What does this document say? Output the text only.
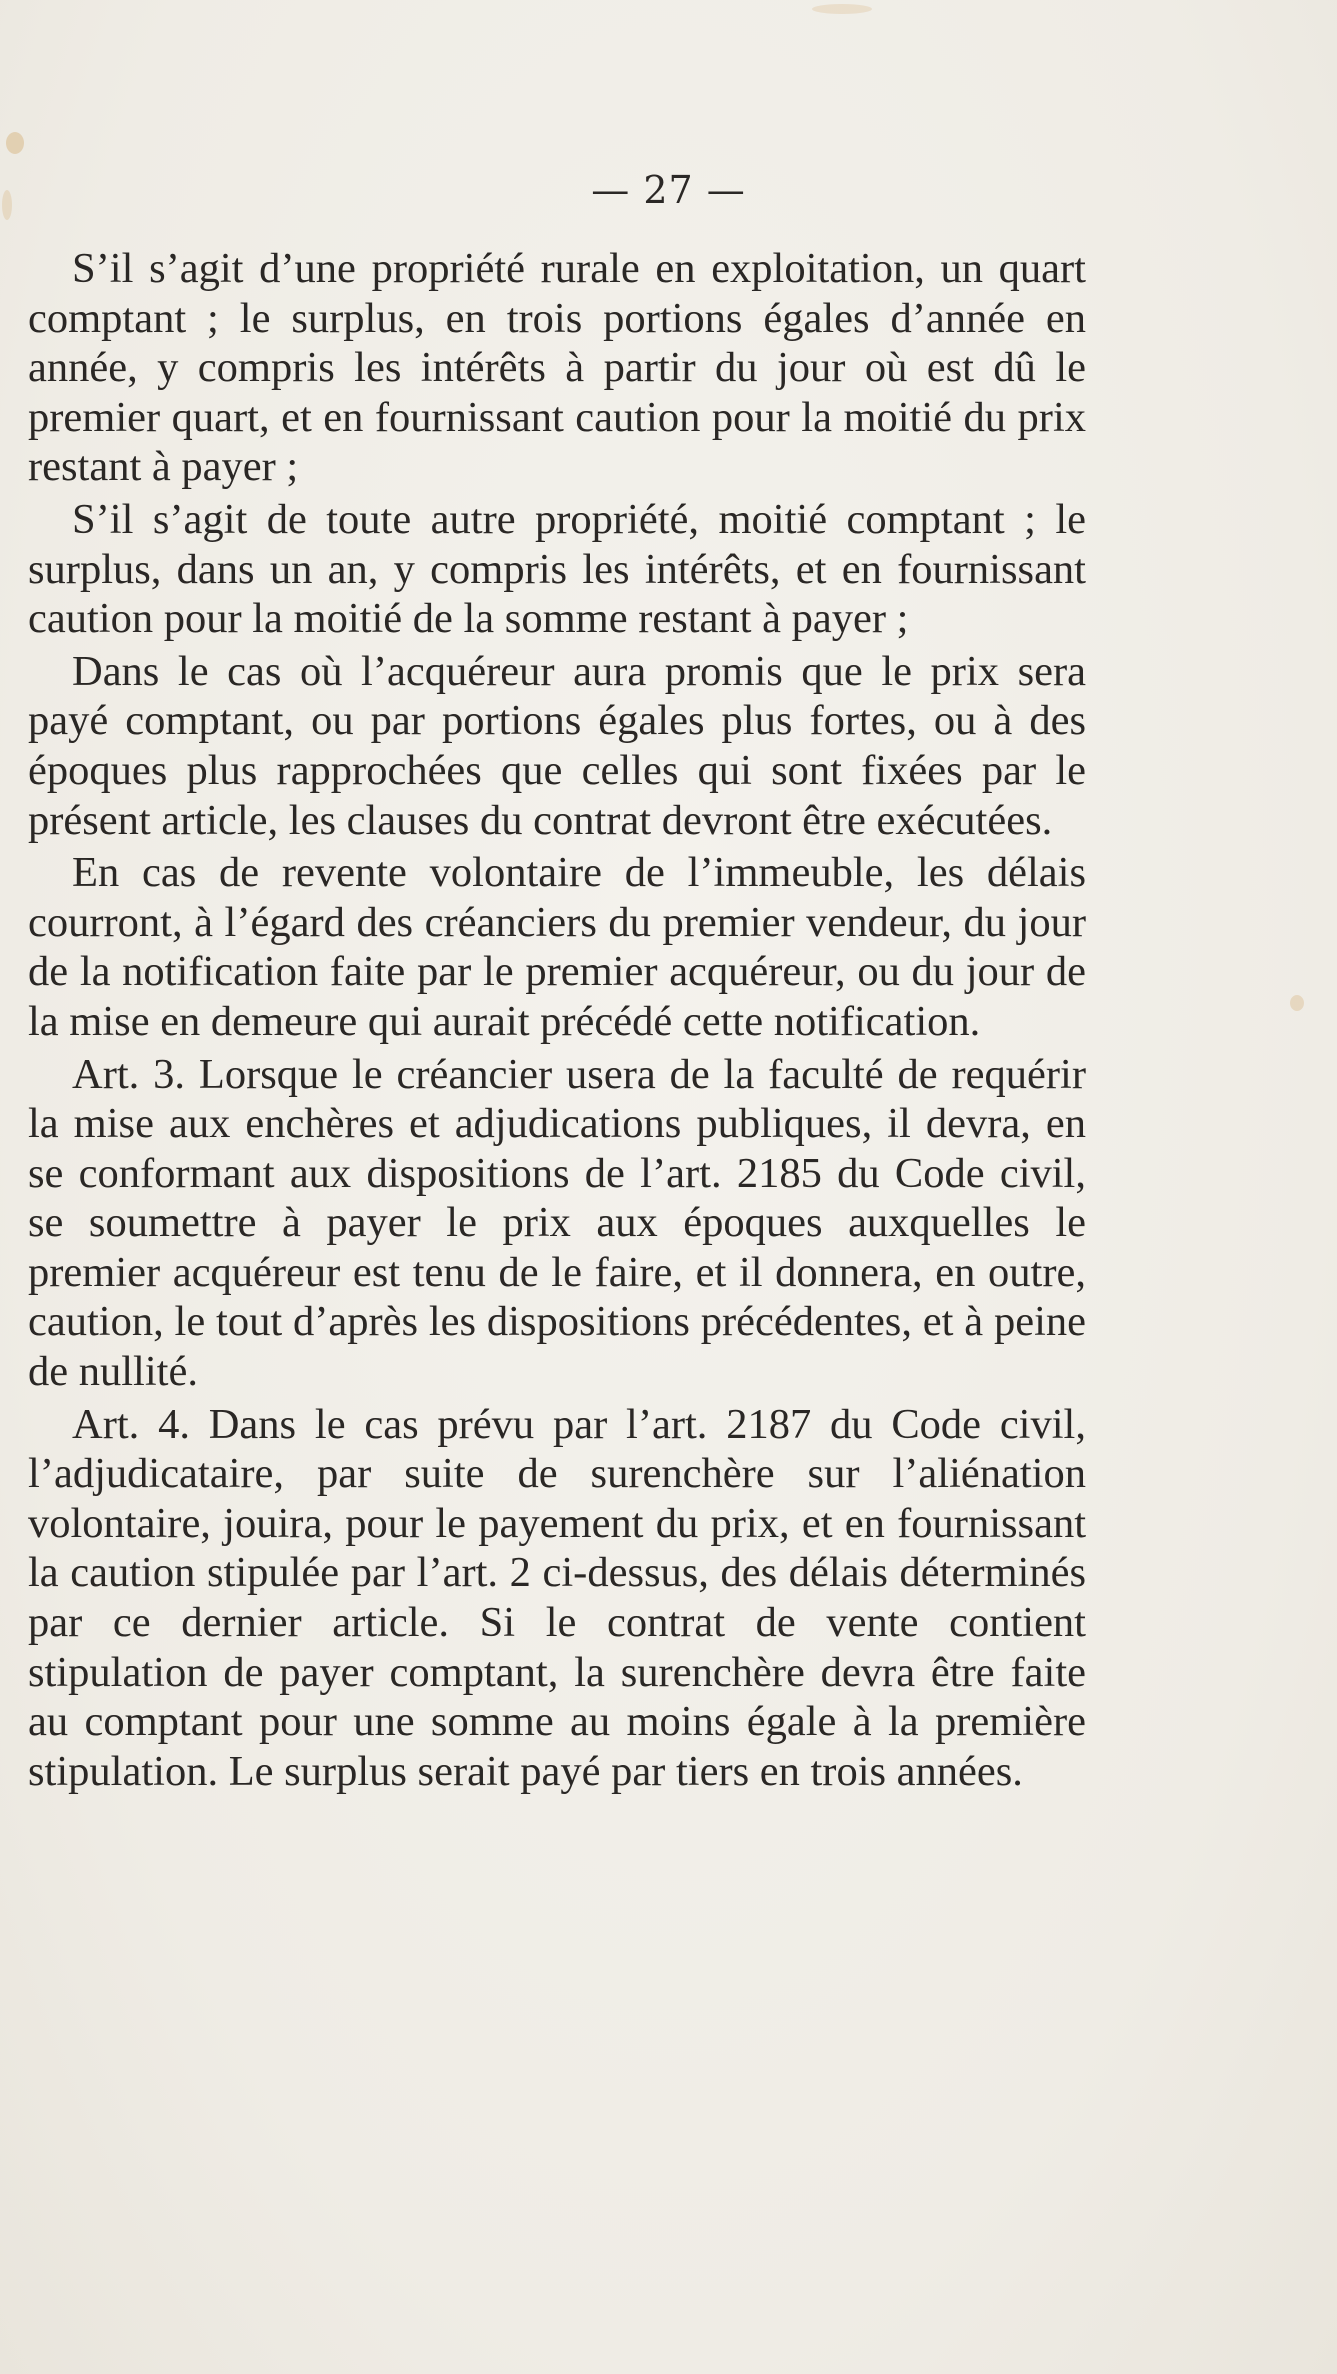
— 27 —

S’il s’agit d’une propriété rurale en exploitation, un quart comptant ; le surplus, en trois portions égales d’année en année, y compris les intérêts à partir du jour où est dû le premier quart, et en fournissant caution pour la moitié du prix restant à payer ;

S’il s’agit de toute autre propriété, moitié comptant ; le surplus, dans un an, y compris les intérêts, et en fournissant caution pour la moitié de la somme restant à payer ;

Dans le cas où l’acquéreur aura promis que le prix sera payé comptant, ou par portions égales plus fortes, ou à des époques plus rapprochées que celles qui sont fixées par le présent article, les clauses du contrat devront être exécutées.

En cas de revente volontaire de l’immeuble, les délais courront, à l’égard des créanciers du premier vendeur, du jour de la notification faite par le premier acquéreur, ou du jour de la mise en demeure qui aurait précédé cette notification.

Art. 3. Lorsque le créancier usera de la faculté de requérir la mise aux enchères et adjudications publiques, il devra, en se conformant aux dispositions de l’art. 2185 du Code civil, se soumettre à payer le prix aux époques auxquelles le premier acquéreur est tenu de le faire, et il donnera, en outre, caution, le tout d’après les dispositions précédentes, et à peine de nullité.

Art. 4. Dans le cas prévu par l’art. 2187 du Code civil, l’adjudicataire, par suite de surenchère sur l’aliénation volontaire, jouira, pour le payement du prix, et en fournissant la caution stipulée par l’art. 2 ci-dessus, des délais déterminés par ce dernier article. Si le contrat de vente contient stipulation de payer comptant, la surenchère devra être faite au comptant pour une somme au moins égale à la première stipulation. Le surplus serait payé par tiers en trois années.
